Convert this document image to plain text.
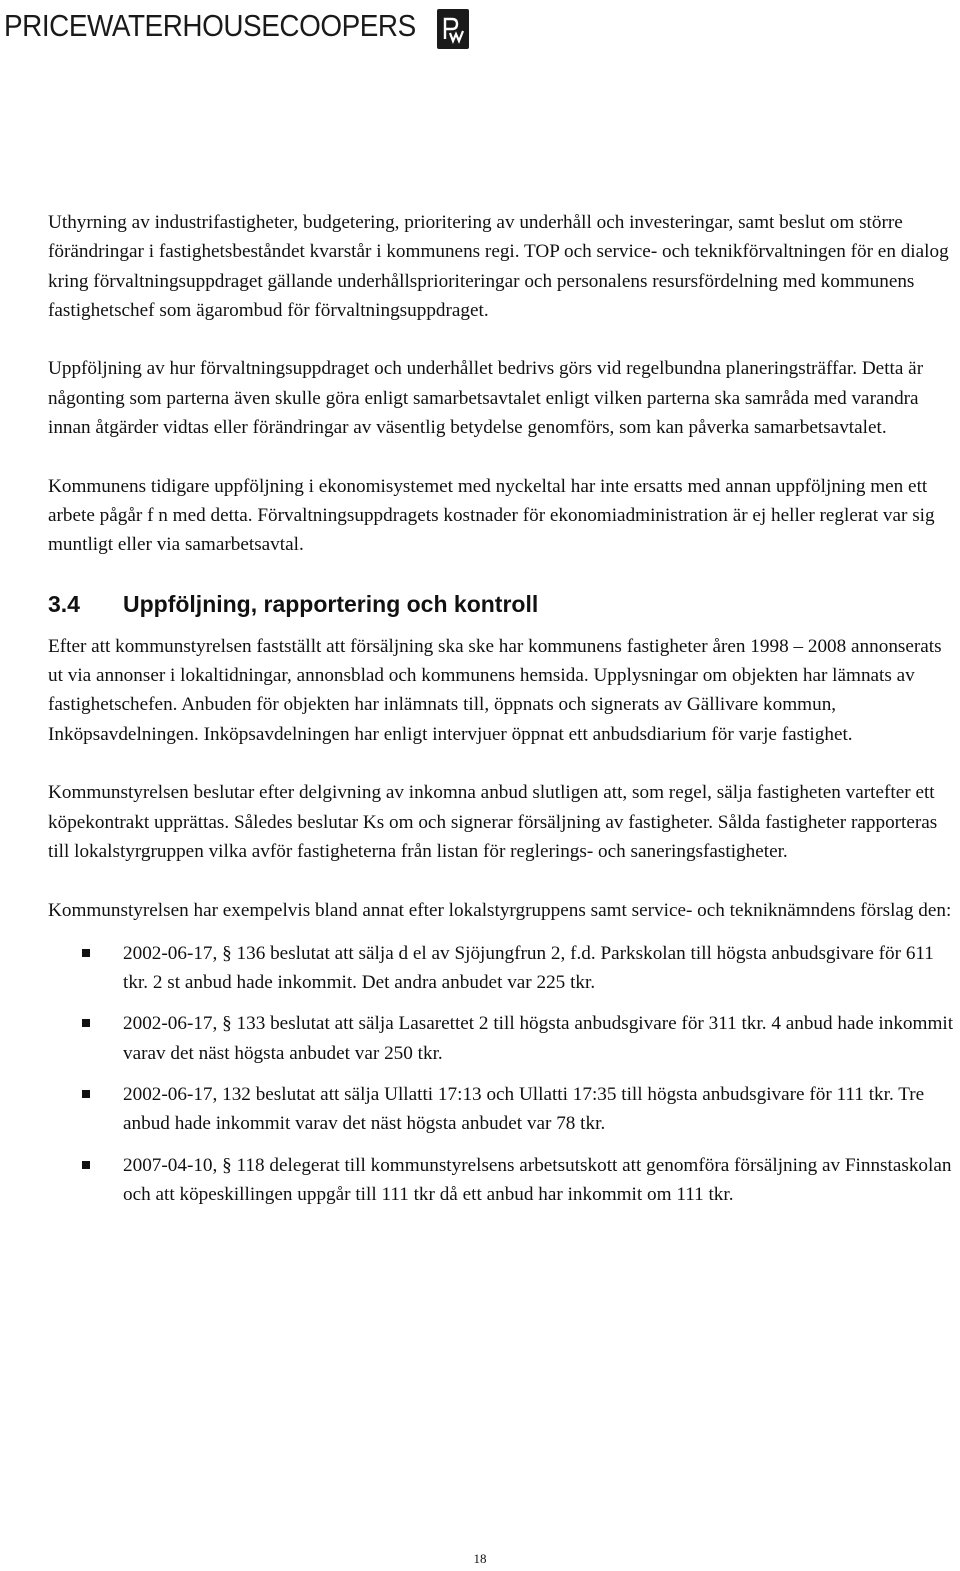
PRICEWATERHOUSECOOPERS

Uthyrning av industrifastigheter, budgetering, prioritering av underhåll och investeringar, samt beslut om större förändringar i fastighetsbeståndet kvarstår i kommunens regi. TOP och service- och teknikförvaltningen för en dialog kring förvaltningsuppdraget gällande underhållsprioriteringar och personalens resursfördelning med kommunens fastighetschef som ägarombud för förvaltningsuppdraget.

Uppföljning av hur förvaltningsuppdraget och underhållet bedrivs görs vid regelbundna planeringsträffar. Detta är någonting som parterna även skulle göra enligt samarbetsavtalet enligt vilken parterna ska samråda med varandra innan åtgärder vidtas eller förändringar av väsentlig betydelse genomförs, som kan påverka samarbetsavtalet.

Kommunens tidigare uppföljning i ekonomisystemet med nyckeltal har inte ersatts med annan uppföljning men ett arbete pågår f n med detta. Förvaltningsuppdragets kostnader för ekonomiadministration är ej heller reglerat var sig muntligt eller via samarbetsavtal.

3.4	Uppföljning, rapportering och kontroll

Efter att kommunstyrelsen fastställt att försäljning ska ske har kommunens fastigheter åren 1998 – 2008 annonserats ut via annonser i lokaltidningar, annonsblad och kommunens hemsida. Upplysningar om objekten har lämnats av fastighetschefen. Anbuden för objekten har inlämnats till, öppnats och signerats av Gällivare kommun, Inköpsavdelningen. Inköpsavdelningen har enligt intervjuer öppnat ett anbudsdiarium för varje fastighet.

Kommunstyrelsen beslutar efter delgivning av inkomna anbud slutligen att, som regel, sälja fastigheten vartefter ett köpekontrakt upprättas. Således beslutar Ks om och signerar försäljning av fastigheter. Sålda fastigheter rapporteras till lokalstyrgruppen vilka avför fastigheterna från listan för reglerings- och saneringsfastigheter.

Kommunstyrelsen har exempelvis bland annat efter lokalstyrgruppens samt service- och tekniknämndens förslag den:

2002-06-17, § 136 beslutat att sälja d el av Sjöjungfrun 2, f.d. Parkskolan till högsta anbudsgivare för 611 tkr. 2 st anbud hade inkommit. Det andra anbudet var 225 tkr.
2002-06-17, § 133 beslutat att sälja Lasarettet 2 till högsta anbudsgivare för 311 tkr. 4 anbud hade inkommit varav det näst högsta anbudet var 250 tkr.
2002-06-17, 132 beslutat att sälja Ullatti 17:13 och Ullatti 17:35 till högsta anbudsgivare för 111 tkr. Tre anbud hade inkommit varav det näst högsta anbudet var 78 tkr.
2007-04-10, § 118 delegerat till kommunstyrelsens arbetsutskott att genomföra försäljning av Finnstaskolan och att köpeskillingen uppgår till 111 tkr då ett anbud har inkommit om 111 tkr.
18
